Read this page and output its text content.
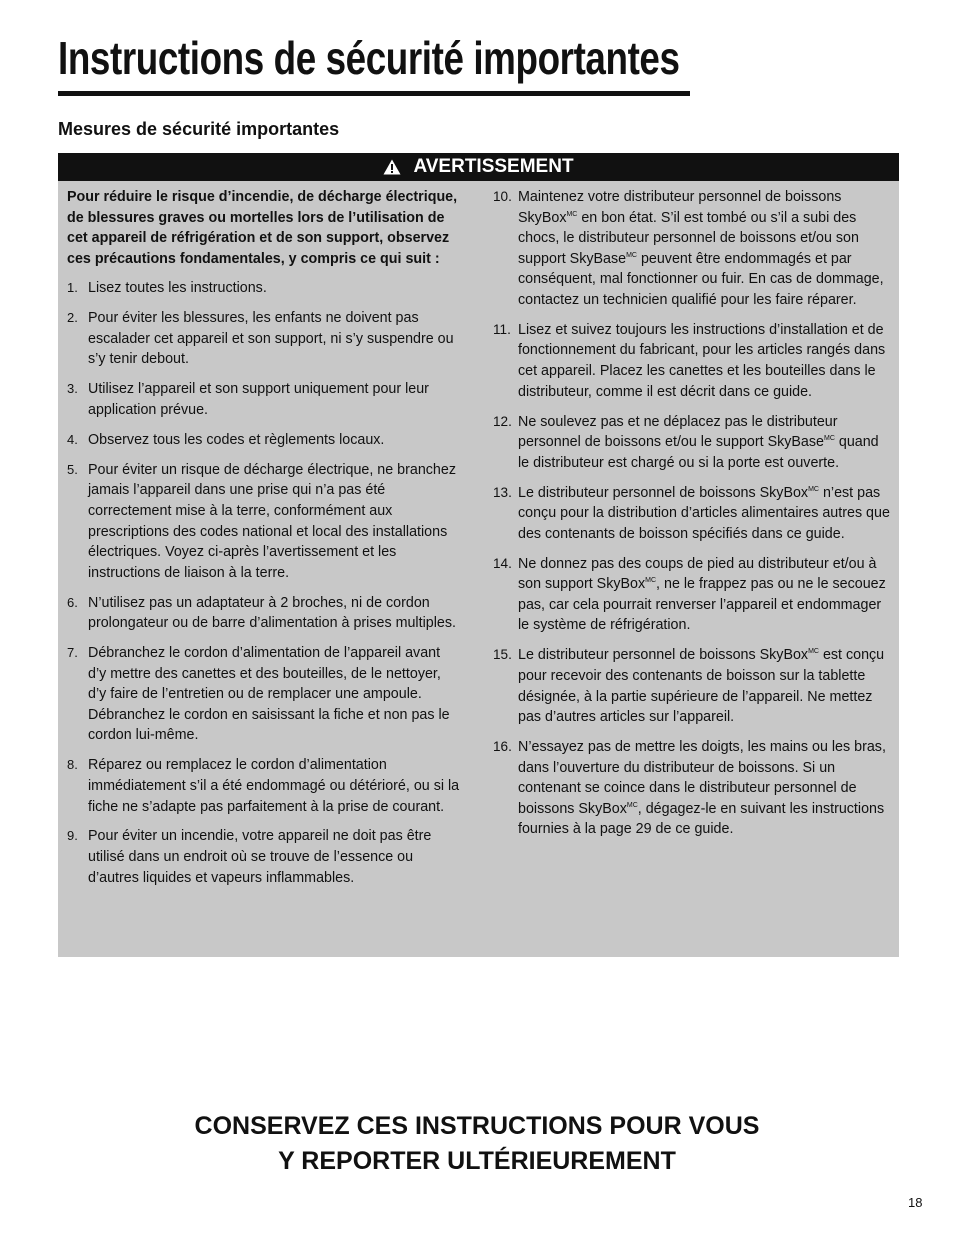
Instructions de sécurité importantes
Mesures de sécurité importantes
AVERTISSEMENT

Pour réduire le risque d’incendie, de décharge électrique, de blessures graves ou mortelles lors de l’utilisation de cet appareil de réfrigération et de son support, observez ces précautions fondamentales, y compris ce qui suit :

1. Lisez toutes les instructions.
2. Pour éviter les blessures, les enfants ne doivent pas escalader cet appareil et son support, ni s’y suspendre ou s’y tenir debout.
3. Utilisez l’appareil et son support uniquement pour leur application prévue.
4. Observez tous les codes et règlements locaux.
5. Pour éviter un risque de décharge électrique, ne branchez jamais l’appareil dans une prise qui n’a pas été correctement mise à la terre, conformément aux prescriptions des codes national et local des installations électriques. Voyez ci-après l’avertissement et les instructions de liaison à la terre.
6. N’utilisez pas un adaptateur à 2 broches, ni de cordon prolongateur ou de barre d’alimentation à prises multiples.
7. Débranchez le cordon d’alimentation de l’appareil avant d’y mettre des canettes et des bouteilles, de le nettoyer, d’y faire de l’entretien ou de remplacer une ampoule. Débranchez le cordon en saisissant la fiche et non pas le cordon lui-même.
8. Réparez ou remplacez le cordon d’alimentation immédiatement s’il a été endommagé ou détérioré, ou si la fiche ne s’adapte pas parfaitement à la prise de courant.
9. Pour éviter un incendie, votre appareil ne doit pas être utilisé dans un endroit où se trouve de l’essence ou d’autres liquides et vapeurs inflammables.
10. Maintenez votre distributeur personnel de boissons SkyBox$^{MC}$ en bon état. S’il est tombé ou s’il a subi des chocs, le distributeur personnel de boissons et/ou son support SkyBase$^{MC}$ peuvent être endommagés et par conséquent, mal fonctionner ou fuir. En cas de dommage, contactez un technicien qualifié pour les faire réparer.
11. Lisez et suivez toujours les instructions d’installation et de fonctionnement du fabricant, pour les articles rangés dans cet appareil. Placez les canettes et les bouteilles dans le distributeur, comme il est décrit dans ce guide.
12. Ne soulevez pas et ne déplacez pas le distributeur personnel de boissons et/ou le support SkyBase$^{MC}$ quand le distributeur est chargé ou si la porte est ouverte.
13. Le distributeur personnel de boissons SkyBox$^{MC}$ n’est pas conçu pour la distribution d’articles alimentaires autres que des contenants de boisson spécifiés dans ce guide.
14. Ne donnez pas des coups de pied au distributeur et/ou à son support SkyBox$^{MC}$, ne le frappez pas ou ne le secouez pas, car cela pourrait renverser l’appareil et endommager le système de réfrigération.
15. Le distributeur personnel de boissons SkyBox$^{MC}$ est conçu pour recevoir des contenants de boisson sur la tablette désignée, à la partie supérieure de l’appareil. Ne mettez pas d’autres articles sur l’appareil.
16. N’essayez pas de mettre les doigts, les mains ou les bras, dans l’ouverture du distributeur de boissons. Si un contenant se coince dans le distributeur personnel de boissons SkyBox$^{MC}$, dégagez-le en suivant les instructions fournies à la page 29 de ce guide.

CONSERVEZ CES INSTRUCTIONS POUR VOUS
Y REPORTER ULTÉRIEUREMENT

18
